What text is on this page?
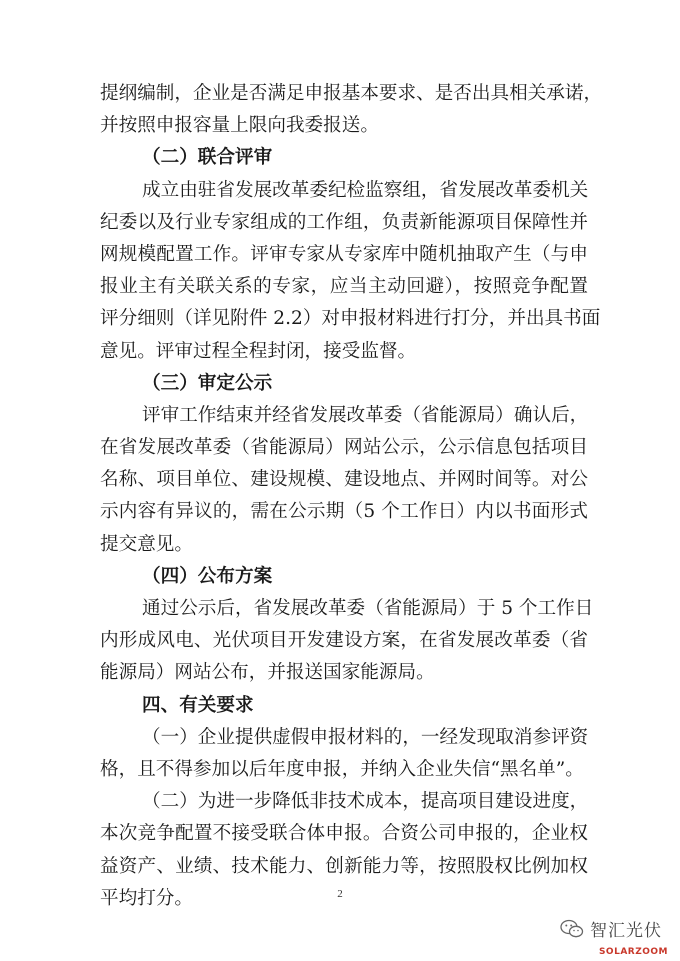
提纲编制，企业是否满足申报基本要求、是否出具相关承诺，
并按照申报容量上限向我委报送。
（二）联合评审
成立由驻省发展改革委纪检监察组，省发展改革委机关
纪委以及行业专家组成的工作组，负责新能源项目保障性并
网规模配置工作。评审专家从专家库中随机抽取产生（与申
报业主有关联关系的专家，应当主动回避），按照竞争配置
评分细则（详见附件 2.2）对申报材料进行打分，并出具书面
意见。评审过程全程封闭，接受监督。
（三）审定公示
评审工作结束并经省发展改革委（省能源局）确认后，
在省发展改革委（省能源局）网站公示，公示信息包括项目
名称、项目单位、建设规模、建设地点、并网时间等。对公
示内容有异议的，需在公示期（5 个工作日）内以书面形式
提交意见。
（四）公布方案
通过公示后，省发展改革委（省能源局）于 5 个工作日
内形成风电、光伏项目开发建设方案，在省发展改革委（省
能源局）网站公布，并报送国家能源局。
四、有关要求
（一）企业提供虚假申报材料的，一经发现取消参评资
格，且不得参加以后年度申报，并纳入企业失信“黑名单”。
（二）为进一步降低非技术成本，提高项目建设进度，
本次竞争配置不接受联合体申报。合资公司申报的，企业权
益资产、业绩、技术能力、创新能力等，按照股权比例加权
平均打分。	2
智汇光伏
SOLARZOOM
